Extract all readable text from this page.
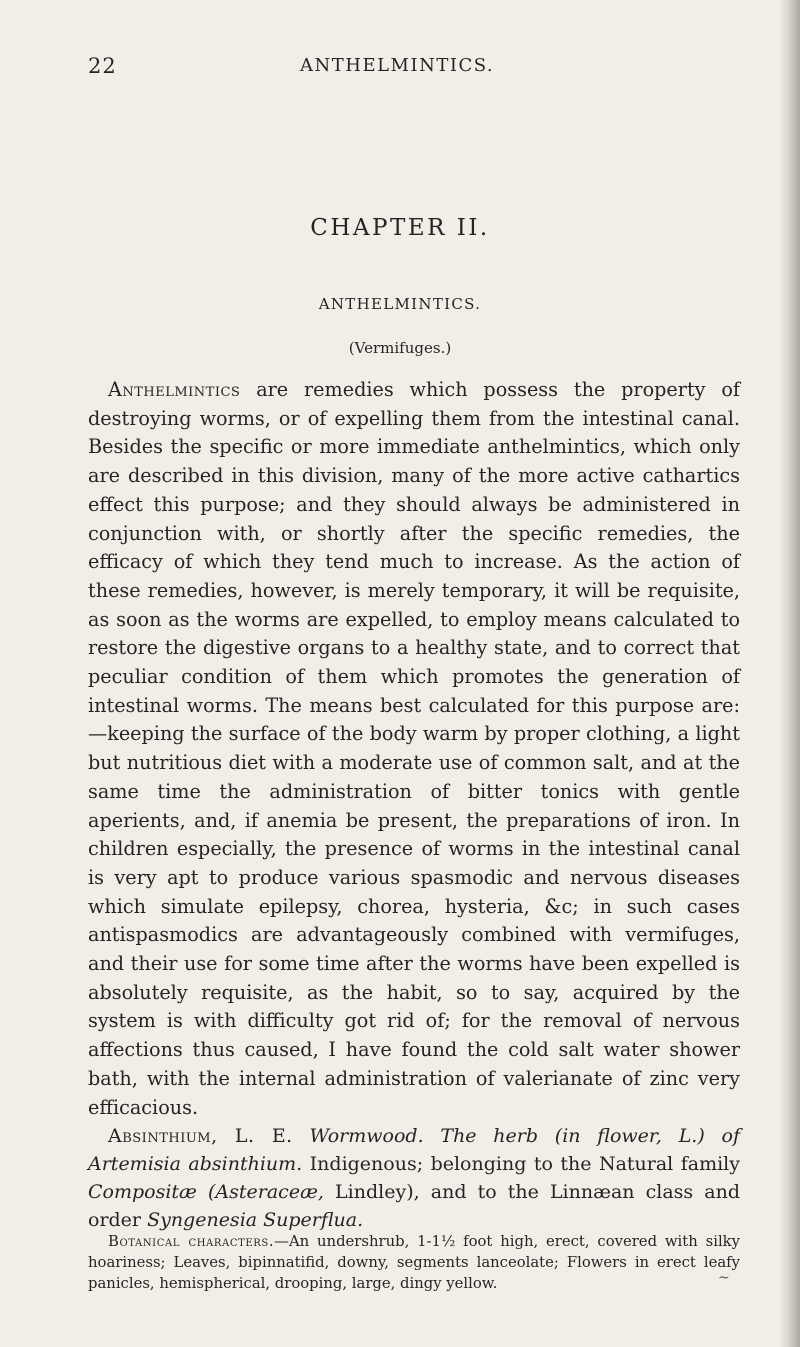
22	ANTHELMINTICS.
CHAPTER II.
ANTHELMINTICS.
(Vermifuges.)

Anthelmintics are remedies which possess the property of destroying worms, or of expelling them from the intestinal canal. Besides the specific or more immediate anthelmintics, which only are described in this division, many of the more active cathartics effect this purpose; and they should always be administered in conjunction with, or shortly after the specific remedies, the efficacy of which they tend much to increase. As the action of these remedies, however, is merely temporary, it will be requisite, as soon as the worms are expelled, to employ means calculated to restore the digestive organs to a healthy state, and to correct that peculiar condition of them which promotes the generation of intestinal worms. The means best calculated for this purpose are:—keeping the surface of the body warm by proper clothing, a light but nutritious diet with a moderate use of common salt, and at the same time the administration of bitter tonics with gentle aperients, and, if anemia be present, the preparations of iron. In children especially, the presence of worms in the intestinal canal is very apt to produce various spasmodic and nervous diseases which simulate epilepsy, chorea, hysteria, &c; in such cases antispasmodics are advantageously combined with vermifuges, and their use for some time after the worms have been expelled is absolutely requisite, as the habit, so to say, acquired by the system is with difficulty got rid of; for the removal of nervous affections thus caused, I have found the cold salt water shower bath, with the internal administration of valerianate of zinc very efficacious.

Absinthium, L. E. Wormwood. The herb (in flower, L.) of Artemisia absinthium. Indigenous; belonging to the Natural family Compositæ (Asteraceæ, Lindley), and to the Linnæan class and order Syngenesia Superflua.

Botanical characters.—An undershrub, 1-1½ foot high, erect, covered with silky hoariness; Leaves, bipinnatifid, downy, segments lanceolate; Flowers in erect leafy panicles, hemispherical, drooping, large, dingy yellow.	~
